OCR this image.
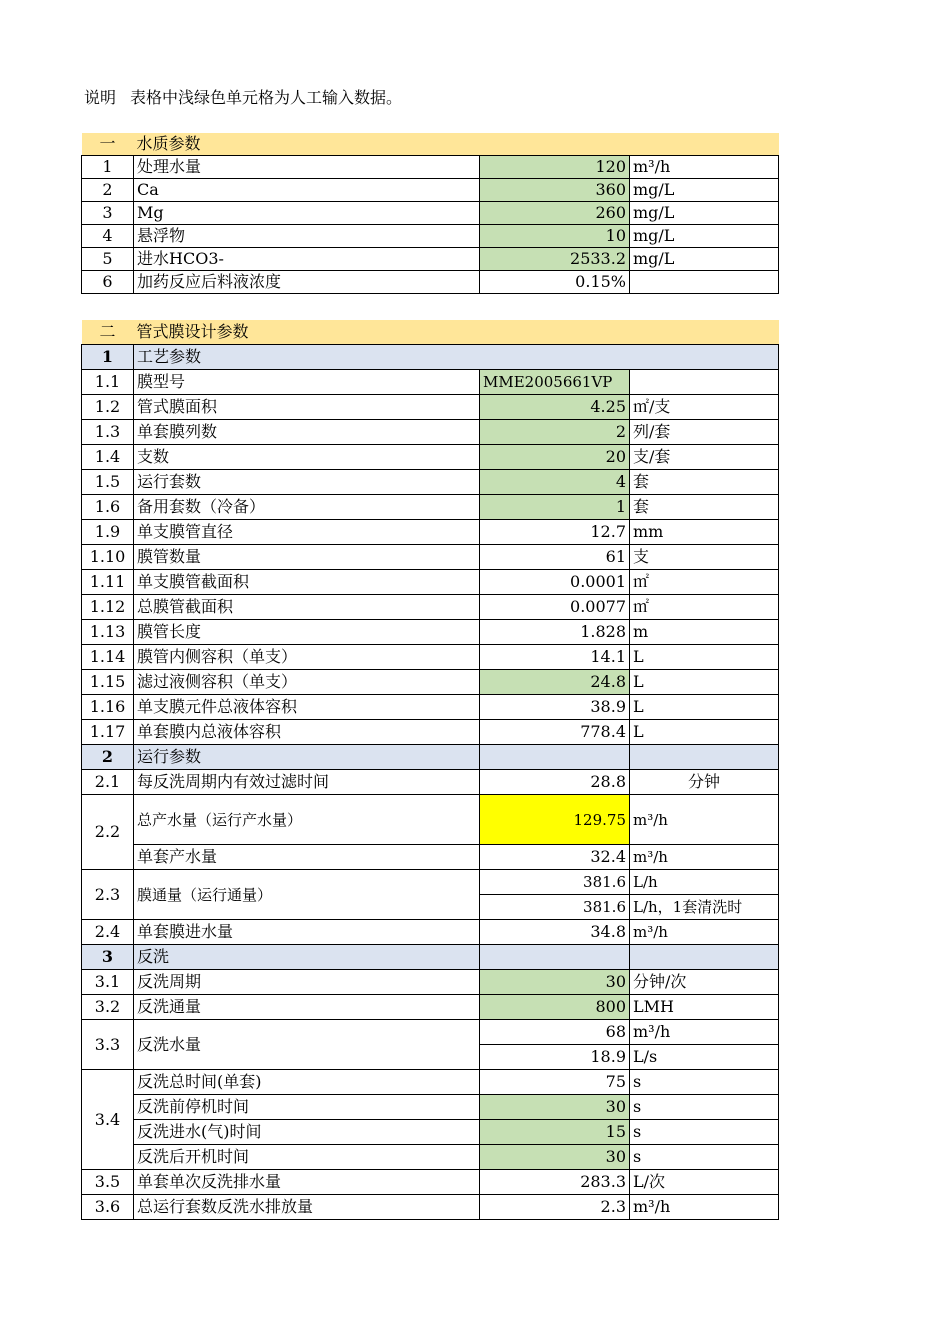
说明 表格中浅绿色单元格为人工输入数据。
一	水质参数		
1	处理水量	120	m³/h
2	Ca	360	mg/L
3	Mg	260	mg/L
4	悬浮物	10	mg/L
5	进水HCO3-	2533.2	mg/L
6	加药反应后料液浓度	0.15%	
二	管式膜设计参数		
1	工艺参数		
1.1	膜型号	MME2005661VP	
1.2	管式膜面积	4.25	㎡/支
1.3	单套膜列数	2	列/套
1.4	支数	20	支/套
1.5	运行套数	4	套
1.6	备用套数（冷备）	1	套
1.9	单支膜管直径	12.7	mm
1.10	膜管数量	61	支
1.11	单支膜管截面积	0.0001	㎡
1.12	总膜管截面积	0.0077	㎡
1.13	膜管长度	1.828	m
1.14	膜管内侧容积（单支）	14.1	L
1.15	滤过液侧容积（单支）	24.8	L
1.16	单支膜元件总液体容积	38.9	L
1.17	单套膜内总液体容积	778.4	L
2	运行参数		
2.1	每反洗周期内有效过滤时间	28.8	分钟
2.2	总产水量（运行产水量）	129.75	m³/h
	单套产水量	32.4	m³/h
2.3	膜通量（运行通量）	381.6	L/h
		381.6	L/h，1套清洗时
2.4	单套膜进水量	34.8	m³/h
3	反洗		
3.1	反洗周期	30	分钟/次
3.2	反洗通量	800	LMH
3.3	反洗水量	68	m³/h
		18.9	L/s
3.4	反洗总时间(单套)	75	s
	反洗前停机时间	30	s
	反洗进水(气)时间	15	s
	反洗后开机时间	30	s
3.5	单套单次反洗排水量	283.3	L/次
3.6	总运行套数反洗水排放量	2.3	m³/h
